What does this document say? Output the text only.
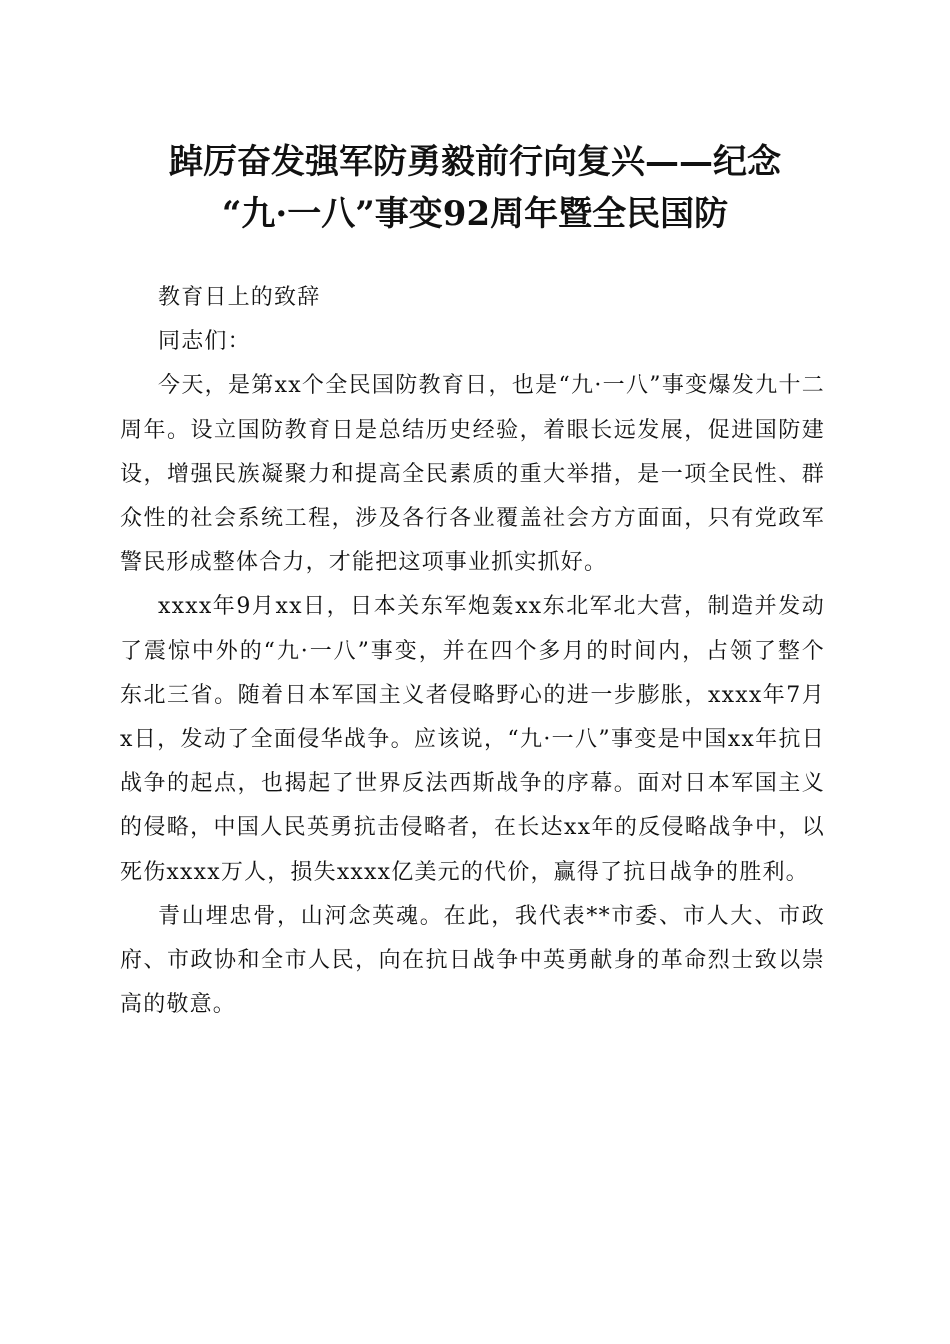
踔厉奋发强军防勇毅前行向复兴——纪念
“九·一八”事变92周年暨全民国防

教育日上的致辞

同志们：

今天，是第xx个全民国防教育日，也是“九·一八”事变爆发九十二周年。设立国防教育日是总结历史经验，着眼长远发展，促进国防建设，增强民族凝聚力和提高全民素质的重大举措，是一项全民性、群众性的社会系统工程，涉及各行各业覆盖社会方方面面，只有党政军警民形成整体合力，才能把这项事业抓实抓好。

xxxx年9月xx日，日本关东军炮轰xx东北军北大营，制造并发动了震惊中外的“九·一八”事变，并在四个多月的时间内，占领了整个东北三省。随着日本军国主义者侵略野心的进一步膨胀，xxxx年7月x日，发动了全面侵华战争。应该说，“九·一八”事变是中国xx年抗日战争的起点，也揭起了世界反法西斯战争的序幕。面对日本军国主义的侵略，中国人民英勇抗击侵略者，在长达xx年的反侵略战争中，以死伤xxxx万人，损失xxxx亿美元的代价，赢得了抗日战争的胜利。

青山埋忠骨，山河念英魂。在此，我代表**市委、市人大、市政府、市政协和全市人民，向在抗日战争中英勇献身的革命烈士致以崇高的敬意。
